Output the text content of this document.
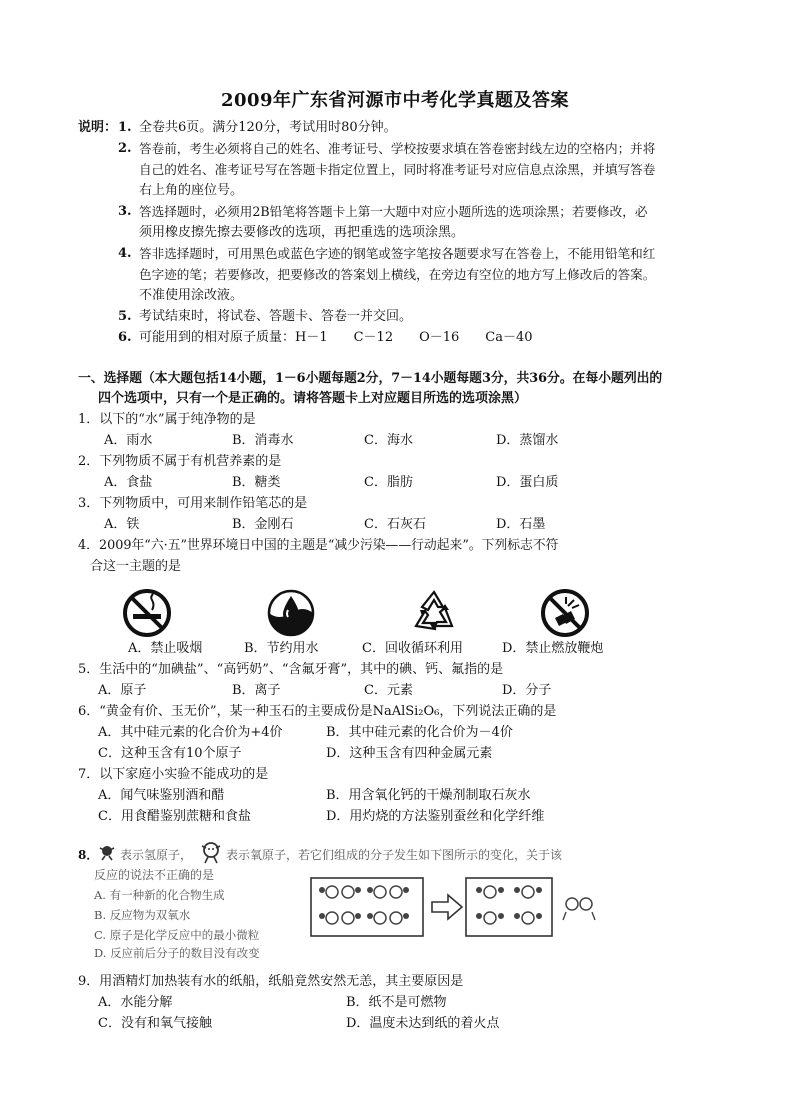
2009年广东省河源市中考化学真题及答案
说明： 1. 全卷共6页。满分120分，考试用时80分钟。
2. 答卷前，考生必须将自己的姓名、准考证号、学校按要求填在答卷密封线左边的空格内；并将
自己的姓名、准考证号写在答题卡指定位置上，同时将准考证号对应信息点涂黑，并填写答卷
右上角的座位号。
3. 答选择题时，必须用2B铅笔将答题卡上第一大题中对应小题所选的选项涂黑；若要修改，必
须用橡皮擦先擦去要修改的选项，再把重选的选项涂黑。
4. 答非选择题时，可用黑色或蓝色字迹的钢笔或签字笔按各题要求写在答卷上，不能用铅笔和红
色字迹的笔；若要修改，把要修改的答案划上横线，在旁边有空位的地方写上修改后的答案。
不准使用涂改液。
5. 考试结束时，将试卷、答题卡、答卷一并交回。
6. 可能用到的相对原子质量：H－1　　C－12　　O－16　　Ca－40
一、选择题（本大题包括14小题，1－6小题每题2分，7－14小题每题3分，共36分。在每小题列出的
四个选项中，只有一个是正确的。请将答题卡上对应题目所选的选项涂黑）
1．以下的“水”属于纯净物的是
A．雨水	B．消毒水	C．海水	D．蒸馏水
2．下列物质不属于有机营养素的是
A．食盐	B．糖类	C．脂肪	D．蛋白质
3．下列物质中，可用来制作铅笔芯的是
A．铁	B．金刚石	C．石灰石	D．石墨
4．2009年“六·五”世界环境日中国的主题是“减少污染——行动起来”。下列标志不符
合这一主题的是
A．禁止吸烟	B．节约用水	C．回收循环利用	D．禁止燃放鞭炮
5．生活中的“加碘盐”、“高钙奶”、“含氟牙膏”，其中的碘、钙、氟指的是
A．原子	B．离子	C．元素	D．分子
6．“黄金有价、玉无价”，某一种玉石的主要成份是NaAlSi₂O₆，下列说法正确的是
A．其中硅元素的化合价为+4价	B．其中硅元素的化合价为－4价
C．这种玉含有10个原子	D．这种玉含有四种金属元素
7．以下家庭小实验不能成功的是
A．闻气味鉴别酒和醋	B．用含氧化钙的干燥剂制取石灰水
C．用食醋鉴别蔗糖和食盐	D．用灼烧的方法鉴别蚕丝和化学纤维
8． 表示氢原子，	表示氧原子，若它们组成的分子发生如下图所示的变化，关于该
反应的说法不正确的是
A. 有一种新的化合物生成
B. 反应物为双氧水
C. 原子是化学反应中的最小微粒
D. 反应前后分子的数目没有改变
9．用酒精灯加热装有水的纸船，纸船竟然安然无恙，其主要原因是
A．水能分解	B．纸不是可燃物
C．没有和氧气接触	D．温度未达到纸的着火点
